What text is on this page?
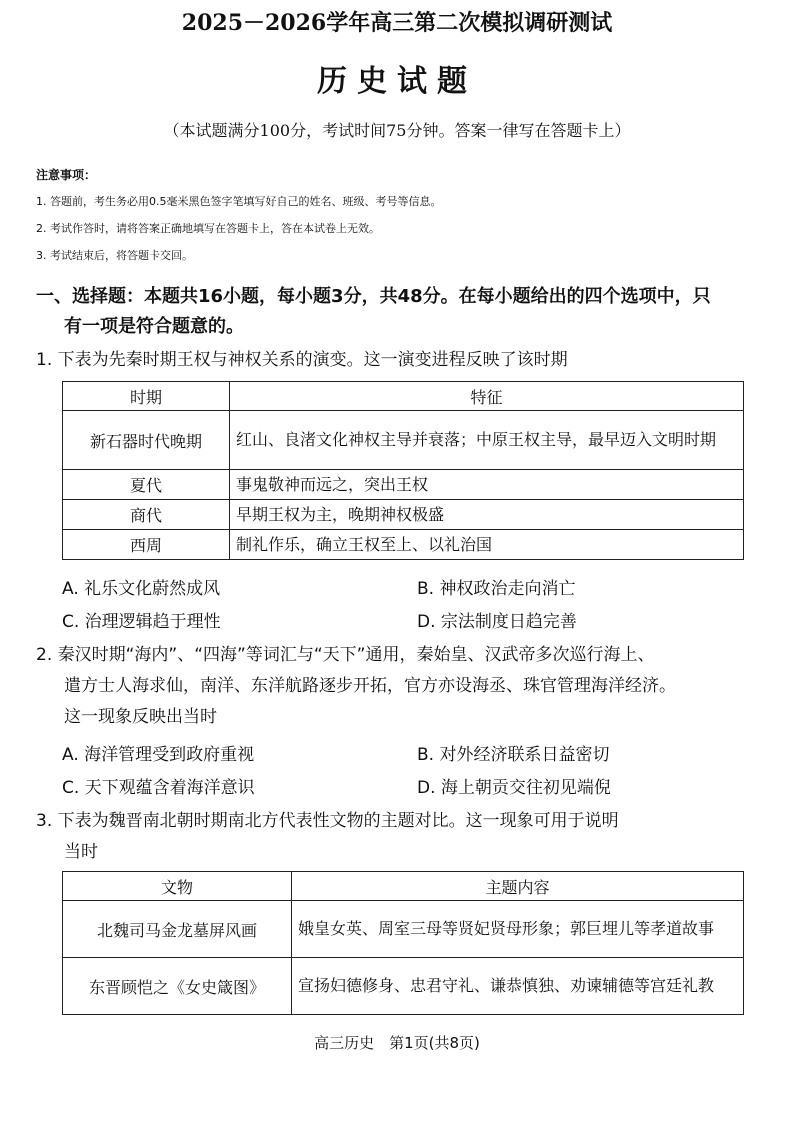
2025－2026学年高三第二次模拟调研测试
历史试题
（本试题满分100分，考试时间75分钟。答案一律写在答题卡上）
注意事项：
1. 答题前，考生务必用0.5毫米黑色签字笔填写好自己的姓名、班级、考号等信息。
2. 考试作答时，请将答案正确地填写在答题卡上，答在本试卷上无效。
3. 考试结束后，将答题卡交回。
一、选择题：本题共16小题，每小题3分，共48分。在每小题给出的四个选项中，只
有一项是符合题意的。
1. 下表为先秦时期王权与神权关系的演变。这一演变进程反映了该时期
时期	特征
新石器时代晚期	红山、良渚文化神权主导并衰落；中原王权主导，最早迈入文明时期
夏代	事鬼敬神而远之，突出王权
商代	早期王权为主，晚期神权极盛
西周	制礼作乐，确立王权至上、以礼治国
A. 礼乐文化蔚然成风	B. 神权政治走向消亡
C. 治理逻辑趋于理性	D. 宗法制度日趋完善
2. 秦汉时期“海内”、“四海”等词汇与“天下”通用，秦始皇、汉武帝多次巡行海上、
遣方士人海求仙，南洋、东洋航路逐步开拓，官方亦设海丞、珠官管理海洋经济。
这一现象反映出当时
A. 海洋管理受到政府重视	B. 对外经济联系日益密切
C. 天下观蕴含着海洋意识	D. 海上朝贡交往初见端倪
3. 下表为魏晋南北朝时期南北方代表性文物的主题对比。这一现象可用于说明
当时
文物	主题内容
北魏司马金龙墓屏风画	娥皇女英、周室三母等贤妃贤母形象；郭巨埋儿等孝道故事
东晋顾恺之《女史箴图》	宣扬妇德修身、忠君守礼、谦恭慎独、劝谏辅德等宫廷礼教
高三历史　第1页(共8页)
